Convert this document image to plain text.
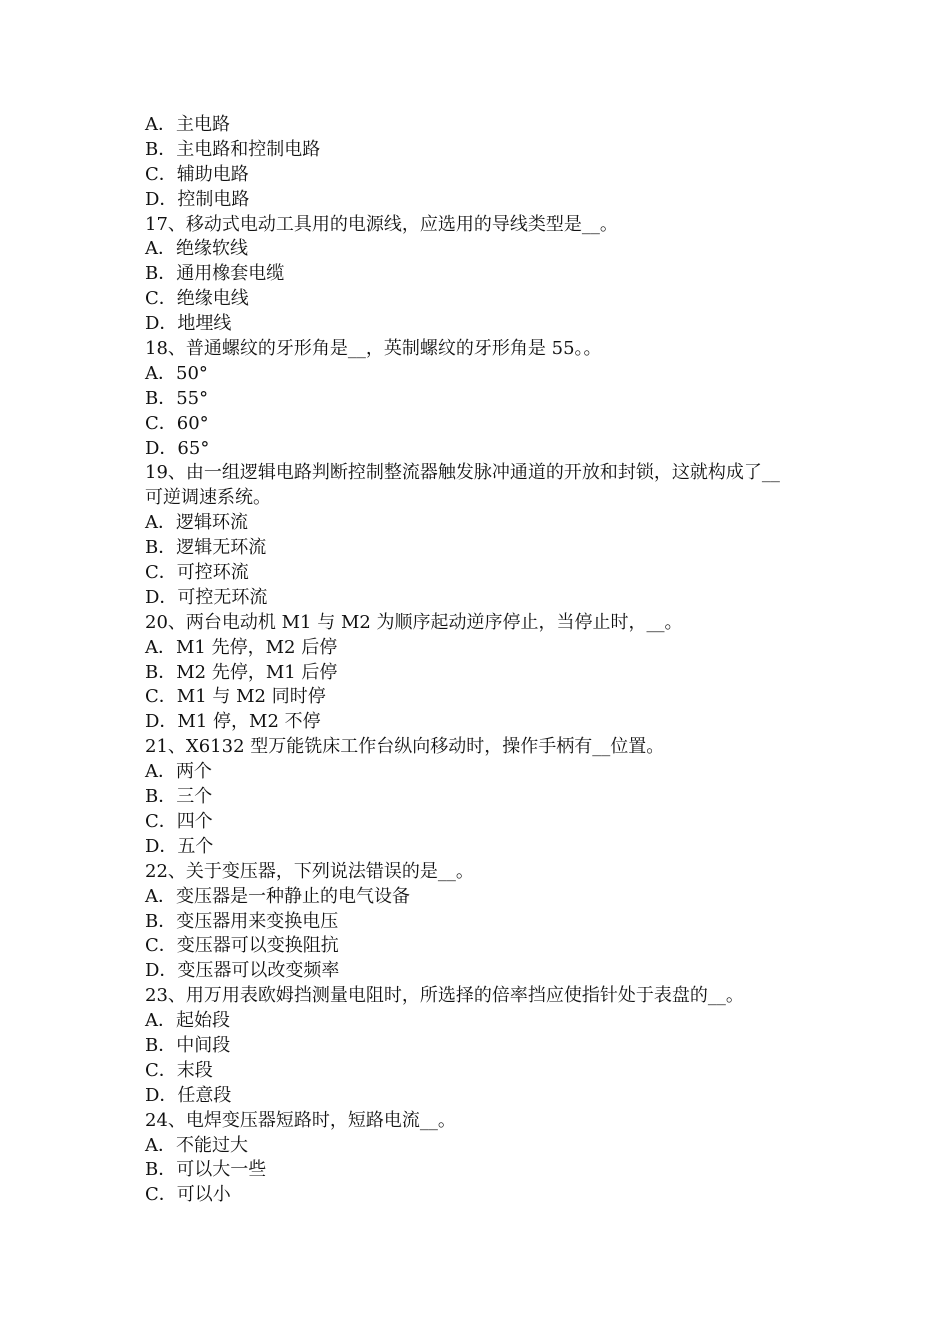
A．主电路
B．主电路和控制电路
C．辅助电路
D．控制电路
17、移动式电动工具用的电源线，应选用的导线类型是__。
A．绝缘软线
B．通用橡套电缆
C．绝缘电线
D．地埋线
18、普通螺纹的牙形角是__，英制螺纹的牙形角是 55。。
A．50°
B．55°
C．60°
D．65°
19、由一组逻辑电路判断控制整流器触发脉冲通道的开放和封锁，这就构成了__
可逆调速系统。
A．逻辑环流
B．逻辑无环流
C．可控环流
D．可控无环流
20、两台电动机 M1 与 M2 为顺序起动逆序停止，当停止时，__。
A．M1 先停，M2 后停
B．M2 先停，M1 后停
C．M1 与 M2 同时停
D．M1 停，M2 不停
21、X6132 型万能铣床工作台纵向移动时，操作手柄有__位置。
A．两个
B．三个
C．四个
D．五个
22、关于变压器，下列说法错误的是__。
A．变压器是一种静止的电气设备
B．变压器用来变换电压
C．变压器可以变换阻抗
D．变压器可以改变频率
23、用万用表欧姆挡测量电阻时，所选择的倍率挡应使指针处于表盘的__。
A．起始段
B．中间段
C．末段
D．任意段
24、电焊变压器短路时，短路电流__。
A．不能过大
B．可以大一些
C．可以小
